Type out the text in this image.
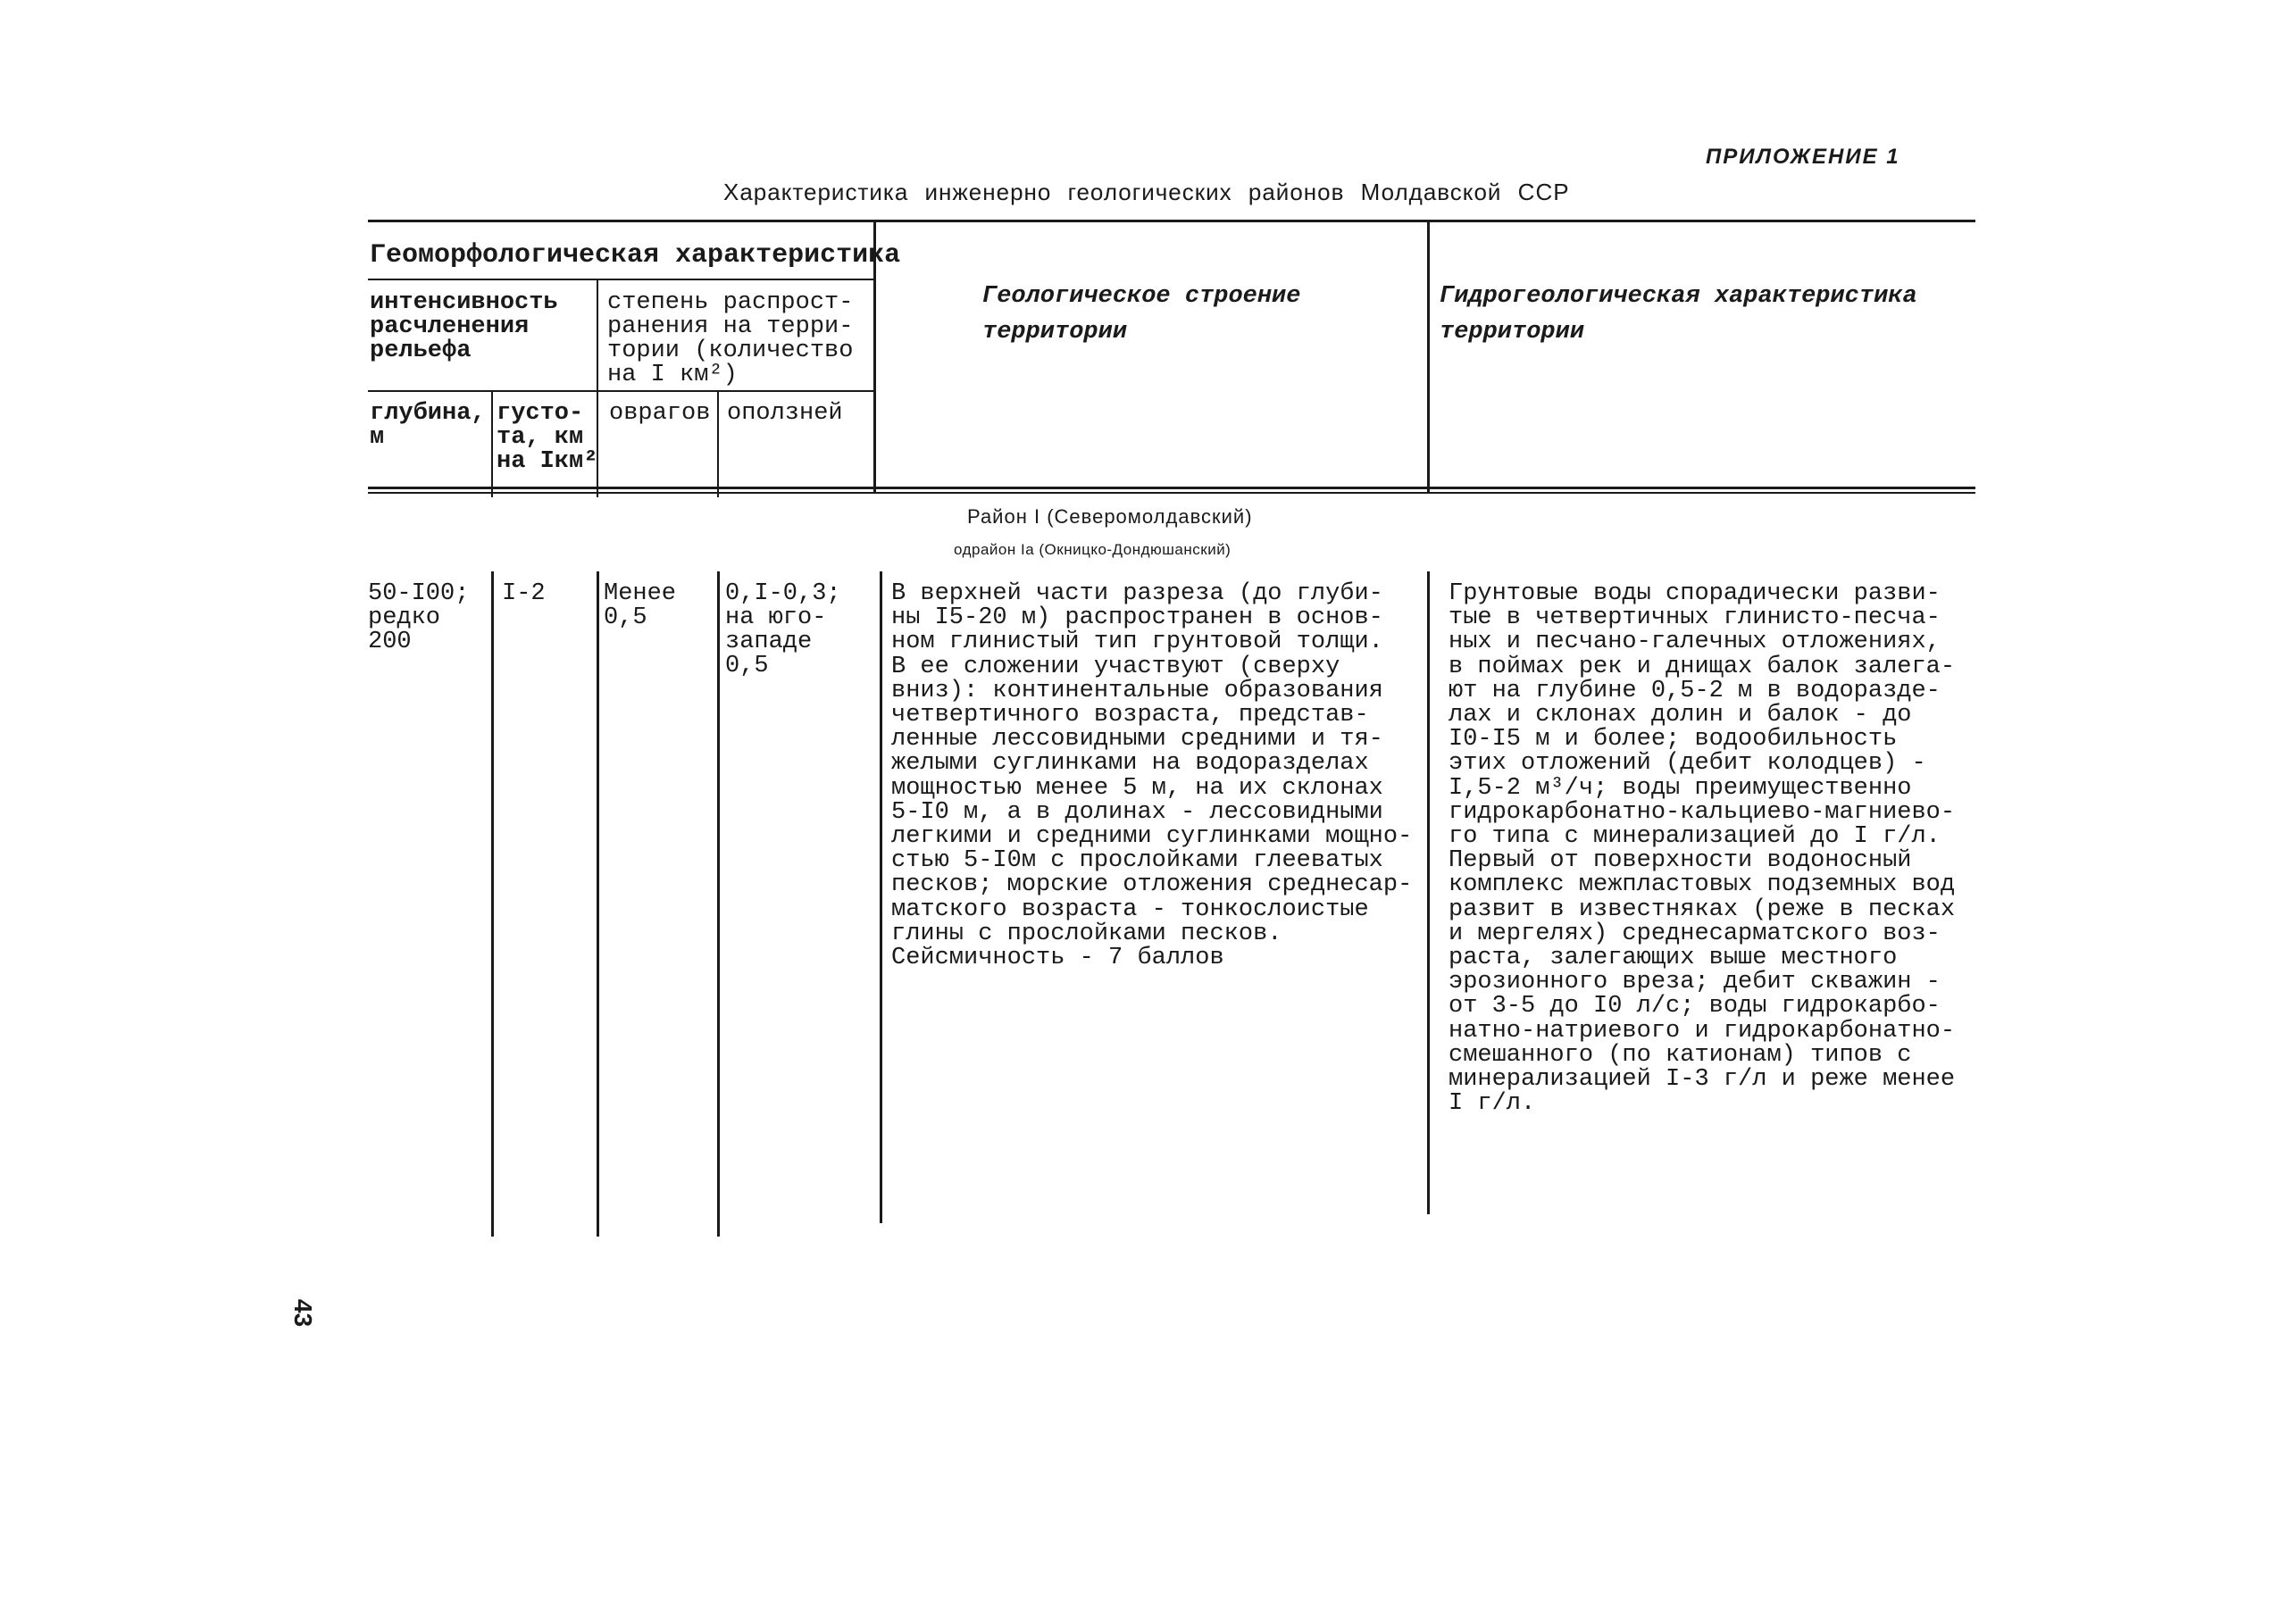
ПРИЛОЖЕНИЕ 1
Характеристика инженерно геологических районов Молдавской ССР
Геоморфологическая характеристика
интенсивность
расчленения
рельефа
степень распрост-
ранения на терри-
тории (количество
на I км²)
глубина,
м
густо-
та, км
на Iкм²
оврагов оползней
Геологическое строение
территории
Гидрогеологическая характеристика
территории
Район I (Северомолдавский)
одрайон Iа (Окницко-Дондюшанский)
50-I00;
редко
200
I-2 Менее
0,5
0,I-0,3;
на юго-
западе
0,5
В верхней части разреза (до глуби-
ны I5-20 м) распространен в основ-
ном глинистый тип грунтовой толщи.
В ее сложении участвуют (сверху
вниз): континентальные образования
четвертичного возраста, представ-
ленные лессовидными средними и тя-
желыми суглинками на водоразделах
мощностью менее 5 м, на их склонах
5-I0 м, а в долинах - лессовидными
легкими и средними суглинками мощно-
стью 5-I0м с прослойками глееватых
песков; морские отложения среднесар-
матского возраста - тонкослоистые
глины с прослойками песков.
Сейсмичность - 7 баллов
Грунтовые воды спорадически разви-
тые в четвертичных глинисто-песча-
ных и песчано-галечных отложениях,
в поймах рек и днищах балок залега-
ют на глубине 0,5-2 м в водоразде-
лах и склонах долин и балок - до
I0-I5 м и более; водообильность
этих отложений (дебит колодцев) -
I,5-2 м³/ч; воды преимущественно
гидрокарбонатно-кальциево-магниево-
го типа с минерализацией до I г/л.
Первый от поверхности водоносный
комплекс межпластовых подземных вод
развит в известняках (реже в песках
и мергелях) среднесарматского воз-
раста, залегающих выше местного
эрозионного вреза; дебит скважин -
от 3-5 до I0 л/с; воды гидрокарбо-
натно-натриевого и гидрокарбонатно-
смешанного (по катионам) типов с
минерализацией I-3 г/л и реже менее
I г/л.
43
